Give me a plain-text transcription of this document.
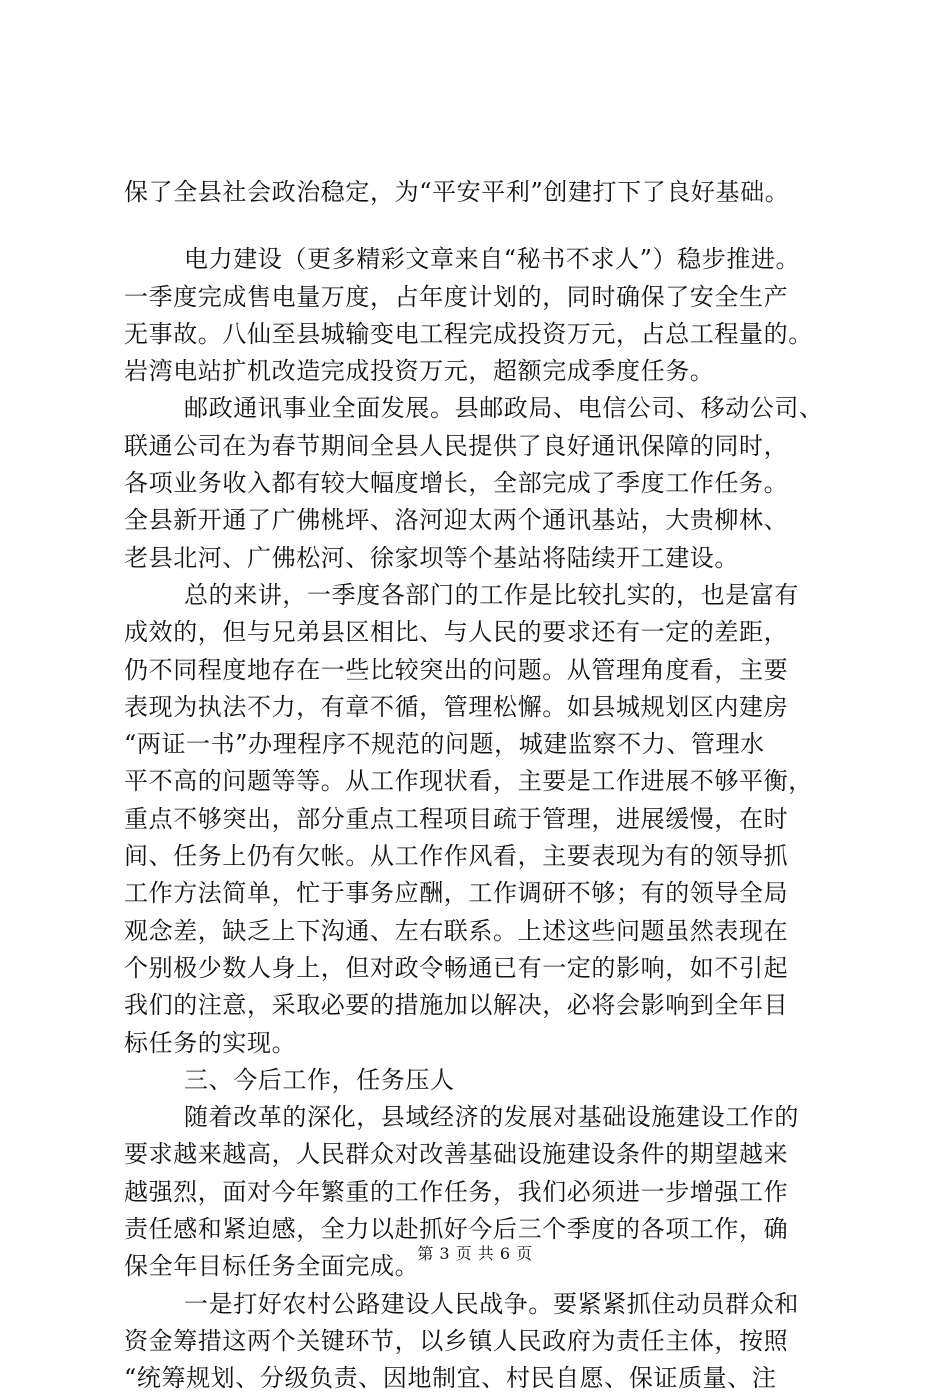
保了全县社会政治稳定，为“平安平利”创建打下了良好基础。
电力建设（更多精彩文章来自“秘书不求人”）稳步推进。
一季度完成售电量万度，占年度计划的，同时确保了安全生产
无事故。八仙至县城输变电工程完成投资万元，占总工程量的。
岩湾电站扩机改造完成投资万元，超额完成季度任务。
邮政通讯事业全面发展。县邮政局、电信公司、移动公司、
联通公司在为春节期间全县人民提供了良好通讯保障的同时，
各项业务收入都有较大幅度增长，全部完成了季度工作任务。
全县新开通了广佛桃坪、洛河迎太两个通讯基站，大贵柳林、
老县北河、广佛松河、徐家坝等个基站将陆续开工建设。
总的来讲，一季度各部门的工作是比较扎实的，也是富有
成效的，但与兄弟县区相比、与人民的要求还有一定的差距，
仍不同程度地存在一些比较突出的问题。从管理角度看，主要
表现为执法不力，有章不循，管理松懈。如县城规划区内建房
“两证一书”办理程序不规范的问题，城建监察不力、管理水
平不高的问题等等。从工作现状看，主要是工作进展不够平衡，
重点不够突出，部分重点工程项目疏于管理，进展缓慢，在时
间、任务上仍有欠帐。从工作作风看，主要表现为有的领导抓
工作方法简单，忙于事务应酬，工作调研不够；有的领导全局
观念差，缺乏上下沟通、左右联系。上述这些问题虽然表现在
个别极少数人身上，但对政令畅通已有一定的影响，如不引起
我们的注意，采取必要的措施加以解决，必将会影响到全年目
标任务的实现。
三、今后工作，任务压人
随着改革的深化，县域经济的发展对基础设施建设工作的
要求越来越高，人民群众对改善基础设施建设条件的期望越来
越强烈，面对今年繁重的工作任务，我们必须进一步增强工作
责任感和紧迫感，全力以赴抓好今后三个季度的各项工作，确
保全年目标任务全面完成。
一是打好农村公路建设人民战争。要紧紧抓住动员群众和
资金筹措这两个关键环节，以乡镇人民政府为责任主体，按照
“统筹规划、分级负责、因地制宜、村民自愿、保证质量、注
第 3 页 共 6 页
